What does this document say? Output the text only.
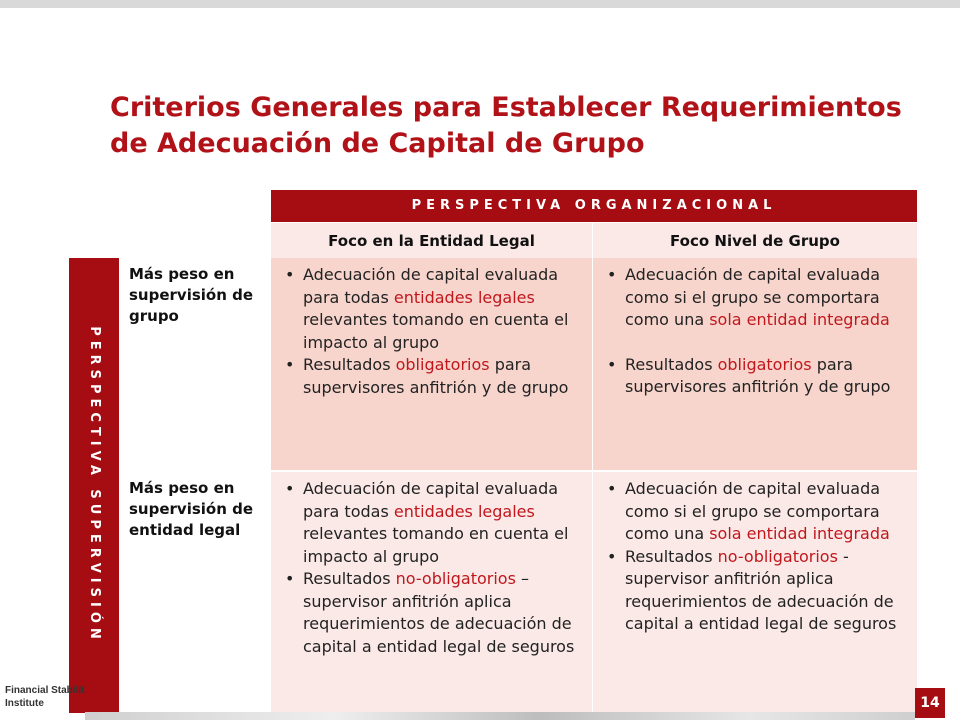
Criterios Generales para Establecer Requerimientos
de Adecuación de Capital de Grupo
PERSPECTIVA ORGANIZACIONAL
Foco en la Entidad Legal	Foco Nivel de Grupo
PERSPECTIVA SUPERVISIÓN
Más peso en supervisión de grupo
• Adecuación de capital evaluada para todas entidades legales relevantes tomando en cuenta el impacto al grupo
• Resultados obligatorios para supervisores anfitrión y de grupo
• Adecuación de capital evaluada como si el grupo se comportara como una sola entidad integrada
• Resultados obligatorios para supervisores anfitrión y de grupo
Más peso en supervisión de entidad legal
• Adecuación de capital evaluada para todas entidades legales relevantes tomando en cuenta el impacto al grupo
• Resultados no-obligatorios – supervisor anfitrión aplica requerimientos de adecuación de capital a entidad legal de seguros
• Adecuación de capital evaluada como si el grupo se comportara como una sola entidad integrada
• Resultados no-obligatorios - supervisor anfitrión aplica requerimientos de adecuación de capital a entidad legal de seguros
Financial Stabilit
Institute	14
